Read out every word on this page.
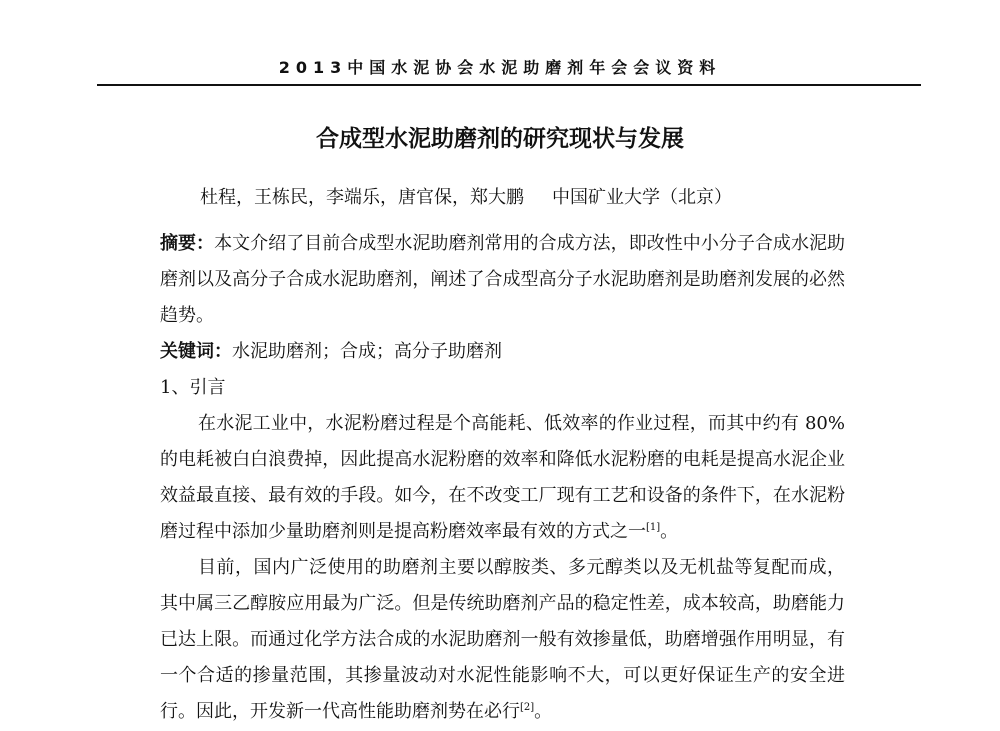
2013中国水泥协会水泥助磨剂年会会议资料
合成型水泥助磨剂的研究现状与发展
杜程，王栋民，李端乐，唐官保，郑大鹏 中国矿业大学（北京）

摘要：本文介绍了目前合成型水泥助磨剂常用的合成方法，即改性中小分子合成水泥助磨剂以及高分子合成水泥助磨剂，阐述了合成型高分子水泥助磨剂是助磨剂发展的必然趋势。

关键词：水泥助磨剂；合成；高分子助磨剂

1、引言

在水泥工业中，水泥粉磨过程是个高能耗、低效率的作业过程，而其中约有 80%的电耗被白白浪费掉，因此提高水泥粉磨的效率和降低水泥粉磨的电耗是提高水泥企业效益最直接、最有效的手段。如今，在不改变工厂现有工艺和设备的条件下，在水泥粉磨过程中添加少量助磨剂则是提高粉磨效率最有效的方式之一[1]。

目前，国内广泛使用的助磨剂主要以醇胺类、多元醇类以及无机盐等复配而成，其中属三乙醇胺应用最为广泛。但是传统助磨剂产品的稳定性差，成本较高，助磨能力已达上限。而通过化学方法合成的水泥助磨剂一般有效掺量低，助磨增强作用明显，有一个合适的掺量范围，其掺量波动对水泥性能影响不大，可以更好保证生产的安全进行。因此，开发新一代高性能助磨剂势在必行[2]。
